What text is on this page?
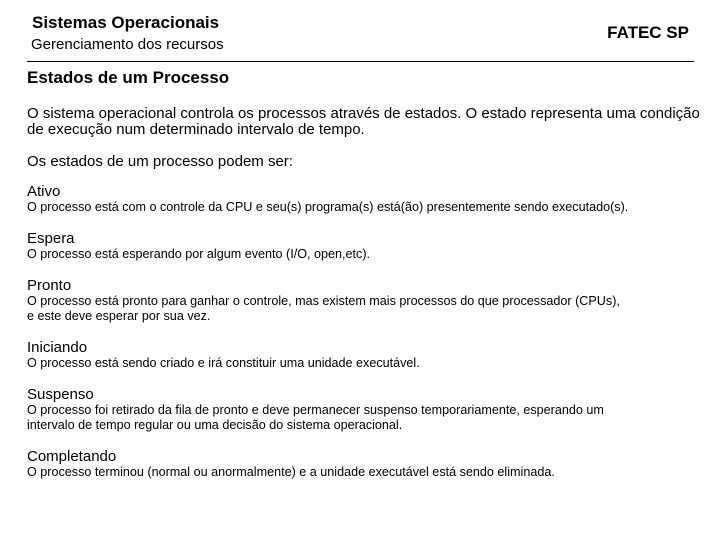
Sistemas Operacionais
Gerenciamento dos recursos
FATEC SP
Estados de um Processo

O sistema operacional controla os processos através de estados. O estado representa uma condição de execução num determinado intervalo de tempo.

Os estados de um processo podem ser:

Ativo
O processo está com o controle da CPU e seu(s) programa(s) está(ão) presentemente sendo executado(s).
Espera
O processo está esperando por algum evento (I/O, open,etc).
Pronto
O processo está pronto para ganhar o controle, mas existem mais processos do que processador (CPUs),
e este deve esperar por sua vez.
Iniciando
O processo está sendo criado e irá constituir uma unidade executável.
Suspenso
O processo foi retirado da fila de pronto e deve permanecer suspenso temporariamente, esperando um
intervalo de tempo regular ou uma decisão do sistema operacional.
Completando
O processo terminou (normal ou anormalmente) e a unidade executável está sendo eliminada.
